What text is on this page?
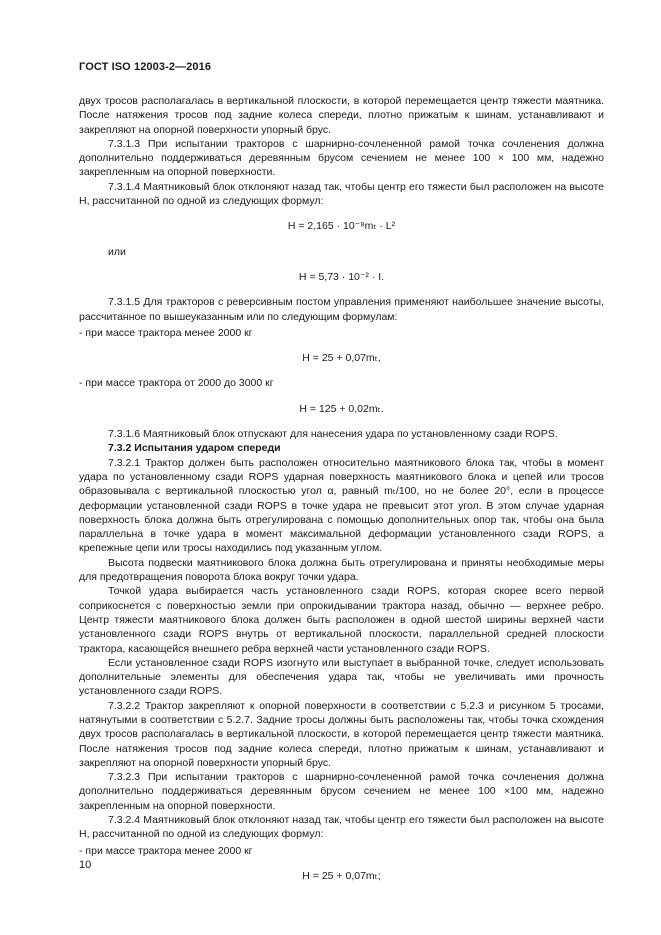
ГОСТ ISO 12003-2—2016

двух тросов располагалась в вертикальной плоскости, в которой перемещается центр тяжести маятника. После натяжения тросов под задние колеса спереди, плотно прижатым к шинам, устанавливают и закрепляют на опорной поверхности упорный брус.

7.3.1.3 При испытании тракторов с шарнирно-сочлененной рамой точка сочленения должна дополнительно поддерживаться деревянным брусом сечением не менее 100 × 100 мм, надежно закрепленным на опорной поверхности.

7.3.1.4 Маятниковый блок отклоняют назад так, чтобы центр его тяжести был расположен на высоте H, рассчитанной по одной из следующих формул:

H = 2,165 · 10⁻⁸mₜ · L²

или

H = 5,73 · 10⁻² · I.

7.3.1.5 Для тракторов с реверсивным постом управления применяют наибольшее значение высоты, рассчитанное по вышеуказанным или по следующим формулам:

- при массе трактора менее 2000 кг

H = 25 + 0,07mₜ,

- при массе трактора от 2000 до 3000 кг

H = 125 + 0,02mₜ.

7.3.1.6 Маятниковый блок отпускают для нанесения удара по установленному сзади ROPS.

7.3.2 Испытания ударом спереди

7.3.2.1 Трактор должен быть расположен относительно маятникового блока так, чтобы в момент удара по установленному сзади ROPS ударная поверхность маятникового блока и цепей или тросов образовывала с вертикальной плоскостью угол α, равный mₜ/100, но не более 20°, если в процессе деформации установленной сзади ROPS в точке удара не превысит этот угол. В этом случае ударная поверхность блока должна быть отрегулирована с помощью дополнительных опор так, чтобы она была параллельна в точке удара в момент максимальной деформации установленного сзади ROPS, а крепежные цепи или тросы находились под указанным углом.

Высота подвески маятникового блока должна быть отрегулирована и приняты необходимые меры для предотвращения поворота блока вокруг точки удара.

Точкой удара выбирается часть установленного сзади ROPS, которая скорее всего первой соприкоснется с поверхностью земли при опрокидывании трактора назад, обычно — верхнее ребро. Центр тяжести маятникового блока должен быть расположен в одной шестой ширины верхней части установленного сзади ROPS внутрь от вертикальной плоскости, параллельной средней плоскости трактора, касающейся внешнего ребра верхней части установленного сзади ROPS.

Если установленное сзади ROPS изогнуто или выступает в выбранной точке, следует использовать дополнительные элементы для обеспечения удара так, чтобы не увеличивать ими прочность установленного сзади ROPS.

7.3.2.2 Трактор закрепляют к опорной поверхности в соответствии с 5.2.3 и рисунком 5 тросами, натянутыми в соответствии с 5.2.7. Задние тросы должны быть расположены так, чтобы точка схождения двух тросов располагалась в вертикальной плоскости, в которой перемещается центр тяжести маятника. После натяжения тросов под задние колеса спереди, плотно прижатым к шинам, устанавливают и закрепляют на опорной поверхности упорный брус.

7.3.2.3 При испытании тракторов с шарнирно-сочлененной рамой точка сочленения должна дополнительно поддерживаться деревянным брусом сечением не менее 100 ×100 мм, надежно закрепленным на опорной поверхности.

7.3.2.4 Маятниковый блок отклоняют назад так, чтобы центр его тяжести был расположен на высоте H, рассчитанной по одной из следующих формул:

- при массе трактора менее 2000 кг

H = 25 + 0,07mₜ;

10
